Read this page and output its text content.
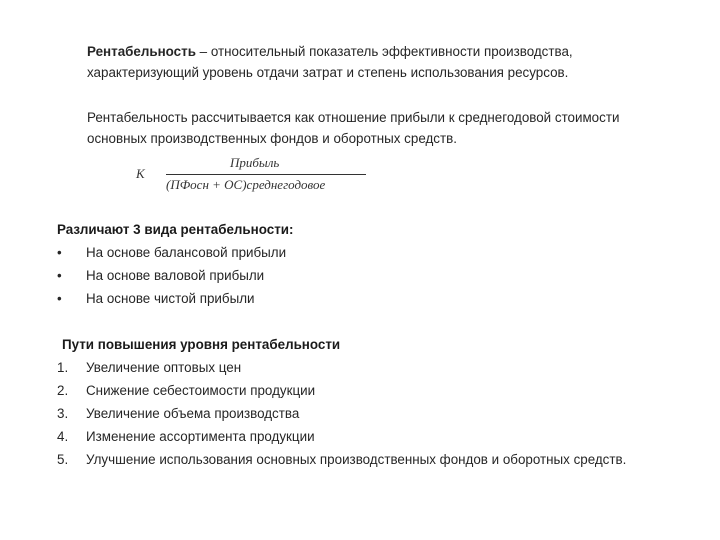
Рентабельность – относительный показатель эффективности производства,
характеризующий уровень отдачи затрат и степень использования ресурсов.
Рентабельность рассчитывается как отношение прибыли к среднегодовой стоимости
основных производственных фондов и оборотных средств.
К
Прибыль
(ПФосн + ОС)среднегодовое
Различают 3 вида рентабельности:
•	На основе балансовой прибыли
•	На основе валовой прибыли
•	На основе чистой прибыли
Пути повышения уровня рентабельности
1.	Увеличение оптовых цен
2.	Снижение себестоимости продукции
3.	Увеличение объема производства
4.	Изменение ассортимента продукции
5.	Улучшение использования основных производственных фондов и оборотных средств.
